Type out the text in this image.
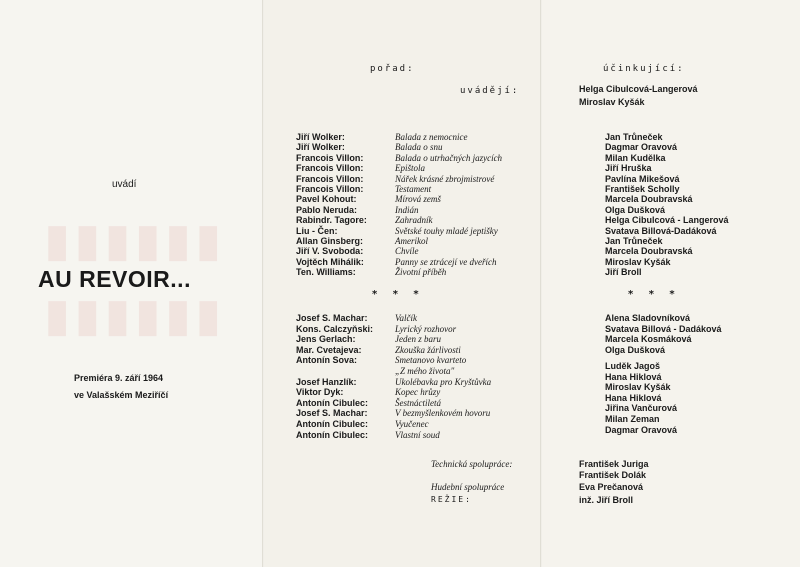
▮▮▮▮▮▮
▮▮▮▮▮▮
uvádí
AU REVOIR...
Premiéra 9. září 1964
ve Valašském Meziříčí
pořad:
uvádějí:
Jiří Wolker:	Balada z nemocnice
Jiří Wolker:	Balada o snu
Francois Villon:	Balada o utrhačných jazycích
Francois Villon:	Epištola
Francois Villon:	Nářek krásné zbrojmistrové
Francois Villon:	Testament
Pavel Kohout:	Mírová zemš
Pablo Neruda:	Indián
Rabindr. Tagore:	Zahradník
Liu - Čen:	Světské touhy mladé jeptišky
Allan Ginsberg:	Amerikol
Jiří V. Svoboda:	Chvíle
Vojtěch Mihálik:	Panny se ztrácejí ve dveřích
Ten. Williams:	Životní příběh
* * *
Josef S. Machar:	Valčík
Kons. Calczyňski: Lyrický rozhovor
Jens Gerlach:	Jeden z baru
Mar. Cvetajeva:	Zkouška žárlivosti
Antonín Sova:	Smetanovo kvarteto
„Z mého života"
Josef Hanzlík:	Ukolébavka pro Kryštůvka
Viktor Dyk:	Kopec hrůzy
Antonín Cibulec:	Šestnáctiletá
Josef S. Machar:	V bezmyšlenkovém hovoru
Antonín Cibulec:	Vyučenec
Antonín Cibulec:	Vlastní soud
Technická spolupráce:
Hudební spolupráce
REŽIE:
účinkující:
Helga Cibulcová-Langerová
Miroslav Kyšák
Jan Trůneček
Dagmar Oravová
Milan Kudělka
Jiří Hruška
Pavlína Mikešová
František Scholly
Marcela Doubravská
Olga Dušková
Helga Cibulcová - Langerová
Svatava Billová-Dadáková
Jan Trůneček
Marcela Doubravská
Miroslav Kyšák
Jiří Broll
* * *
Alena Sladovníková
Svatava Billová - Dadáková
Marcela Kosmáková
Olga Dušková
Luděk Jagoš
Hana Hiklová
Miroslav Kyšák
Hana Hiklová
Jiřina Vančurová
Milan Zeman
Dagmar Oravová
František Juriga
František Dolák
Eva Prečanová
inž. Jiří Broll
